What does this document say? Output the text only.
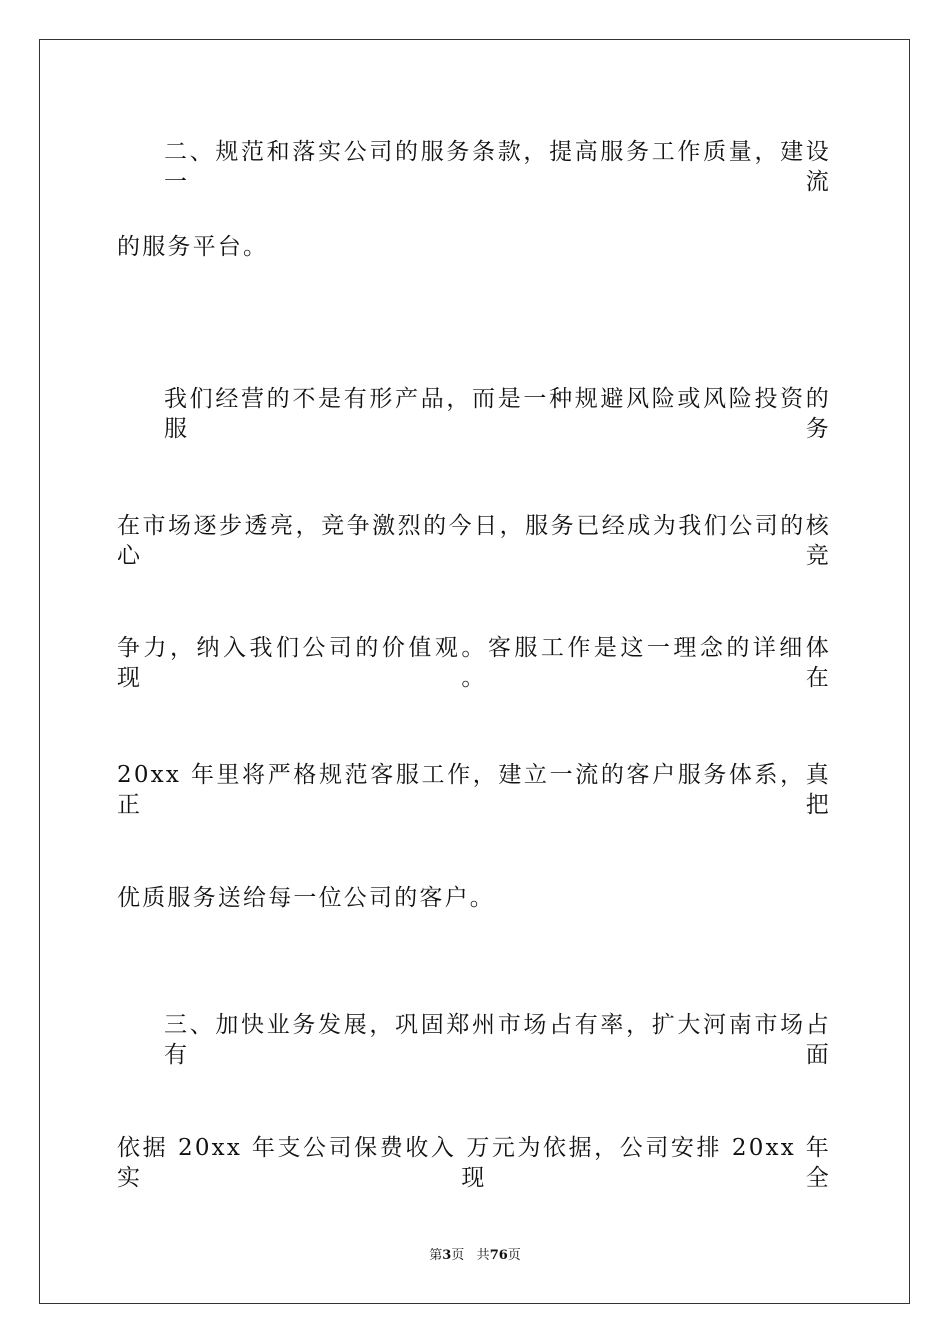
二、规范和落实公司的服务条款，提高服务工作质量，建设一流
的服务平台。
我们经营的不是有形产品，而是一种规避风险或风险投资的服务
在市场逐步透亮，竞争激烈的今日，服务已经成为我们公司的核心竞
争力，纳入我们公司的价值观。客服工作是这一理念的详细体现。在
20xx 年里将严格规范客服工作，建立一流的客户服务体系，真正把
优质服务送给每一位公司的客户。
三、加快业务发展，巩固郑州市场占有率，扩大河南市场占有面
依据 20xx 年支公司保费收入 万元为依据，公司安排 20xx 年实现全
第3页 共76页
